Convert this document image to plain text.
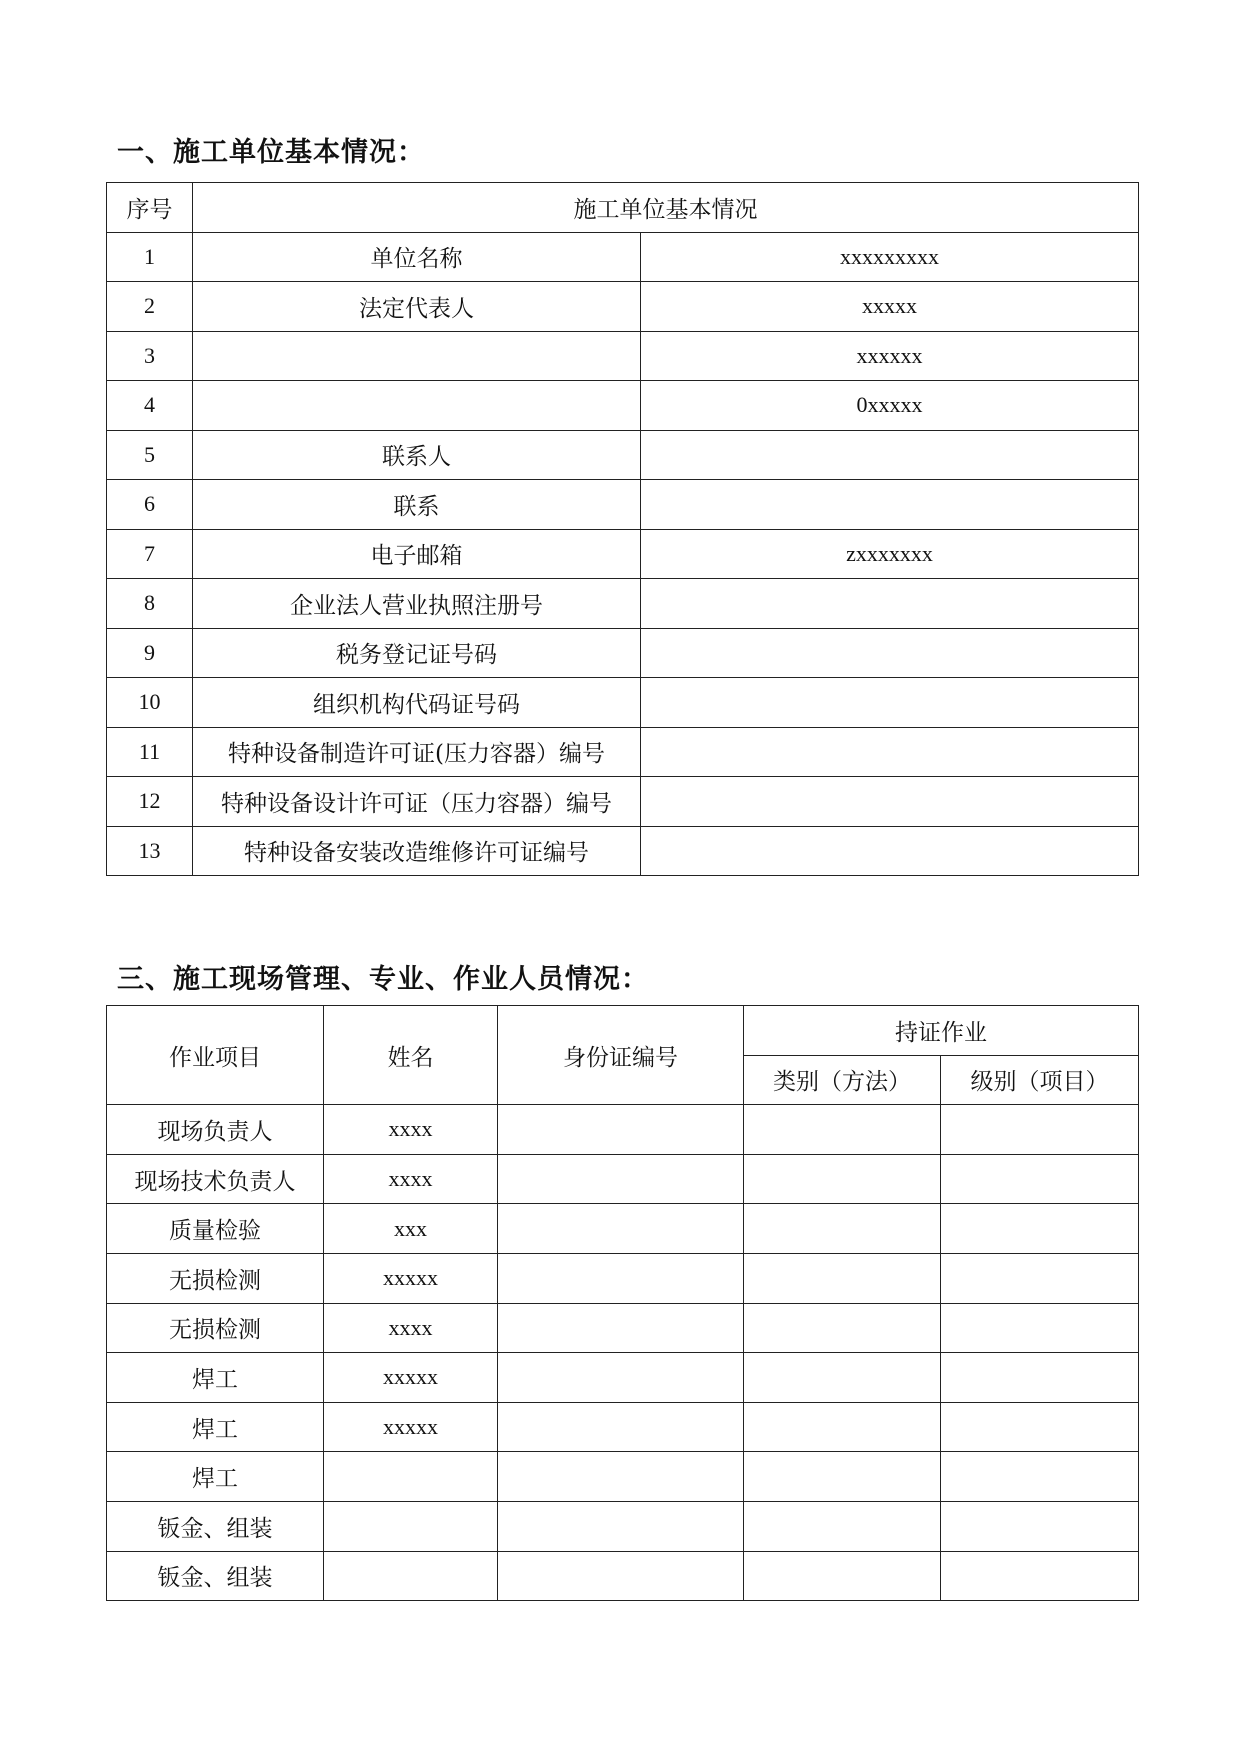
一、施工单位基本情况：
序号	施工单位基本情况	
1	单位名称	xxxxxxxxx
2	法定代表人	xxxxx
3		xxxxxx
4		0xxxxx
5	联系人	
6	联系	
7	电子邮箱	zxxxxxxx
8	企业法人营业执照注册号	
9	税务登记证号码	
10	组织机构代码证号码	
11	特种设备制造许可证(压力容器）编号	
12	特种设备设计许可证（压力容器）编号	
13	特种设备安装改造维修许可证编号	
三、施工现场管理、专业、作业人员情况：
作业项目	姓名	身份证编号	持证作业	
			类别（方法）	级别（项目）
现场负责人	xxxx			
现场技术负责人	xxxx			
质量检验	xxx			
无损检测	xxxxx			
无损检测	xxxx			
焊工	xxxxx			
焊工	xxxxx			
焊工				
钣金、组装				
钣金、组装				
